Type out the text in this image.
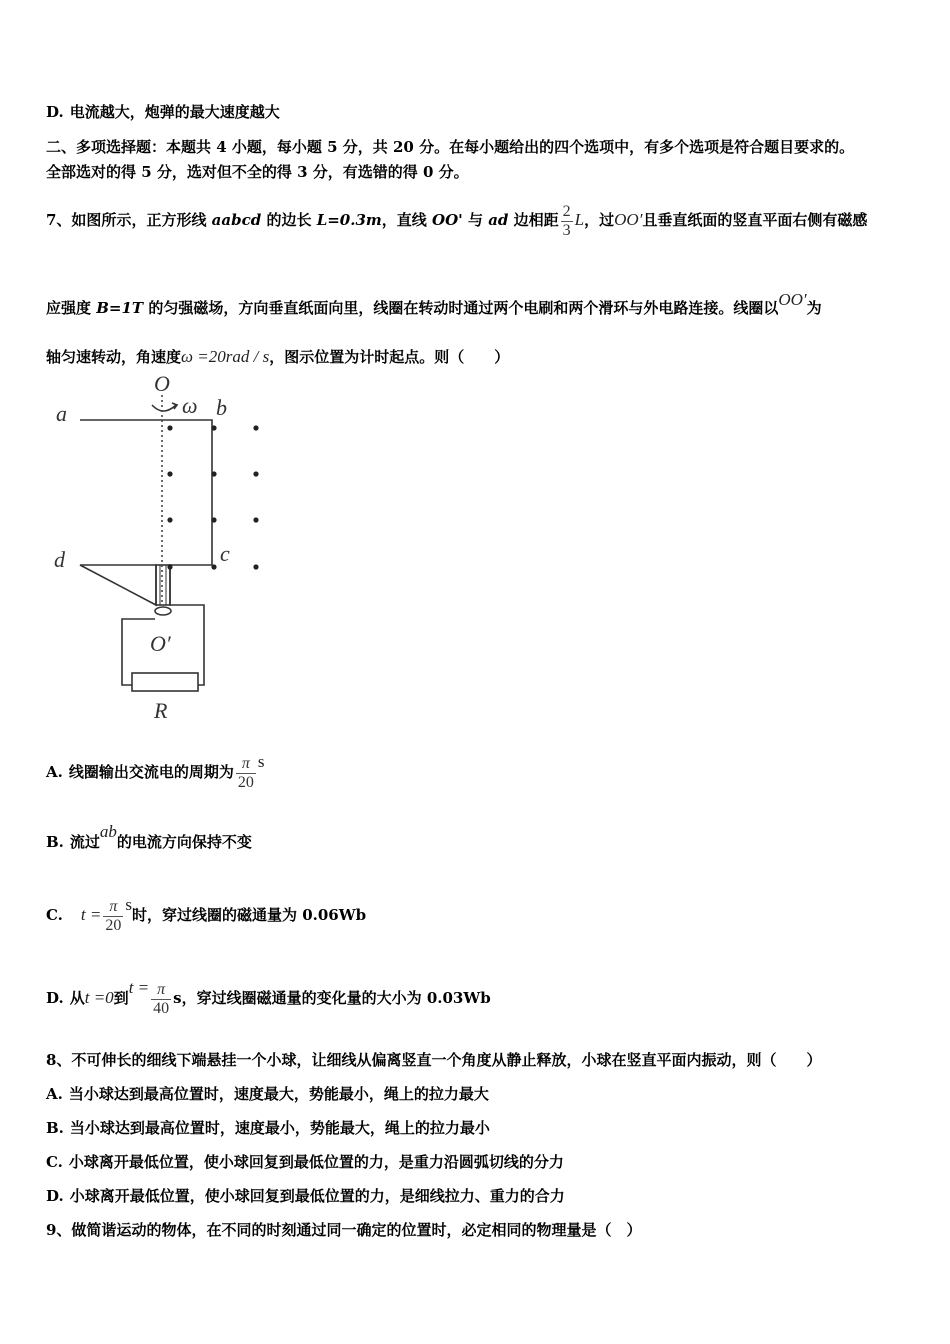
D. 电流越大，炮弹的最大速度越大
二、多项选择题：本题共 4 小题，每小题 5 分，共 20 分。在每小题给出的四个选项中，有多个选项是符合题目要求的。
全部选对的得 5 分，选对但不全的得 3 分，有选错的得 0 分。
7、如图所示，正方形线 aabcd 的边长 L=0.3m，直线 OO' 与 ad 边相距 $\frac{2}{3}$ L，过OO′且垂直纸面的竖直平面右侧有磁感
应强度 B=1T 的匀强磁场，方向垂直纸面向里，线圈在转动时通过两个电刷和两个滑环与外电路连接。线圈以OO′为
轴匀速转动，角速度ω =20rad / s，图示位置为计时起点。则（　　）
O
ω
a	b
c
d
O′
R
A. 线圈输出交流电的周期为 $\frac{\pi}{20}$ s
B. 流过ab的电流方向保持不变
C. $t = \frac{\pi}{20}$ s时，穿过线圈的磁通量为 0.06Wb
D. 从t =0到$t = \frac{\pi}{40}$ s，穿过线圈磁通量的变化量的大小为 0.03Wb
8、不可伸长的细线下端悬挂一个小球，让细线从偏离竖直一个角度从静止释放，小球在竖直平面内振动，则（　　）
A. 当小球达到最高位置时，速度最大，势能最小，绳上的拉力最大
B. 当小球达到最高位置时，速度最小，势能最大，绳上的拉力最小
C. 小球离开最低位置，使小球回复到最低位置的力，是重力沿圆弧切线的分力
D. 小球离开最低位置，使小球回复到最低位置的力，是细线拉力、重力的合力
9、做简谐运动的物体，在不同的时刻通过同一确定的位置时，必定相同的物理量是（　）
